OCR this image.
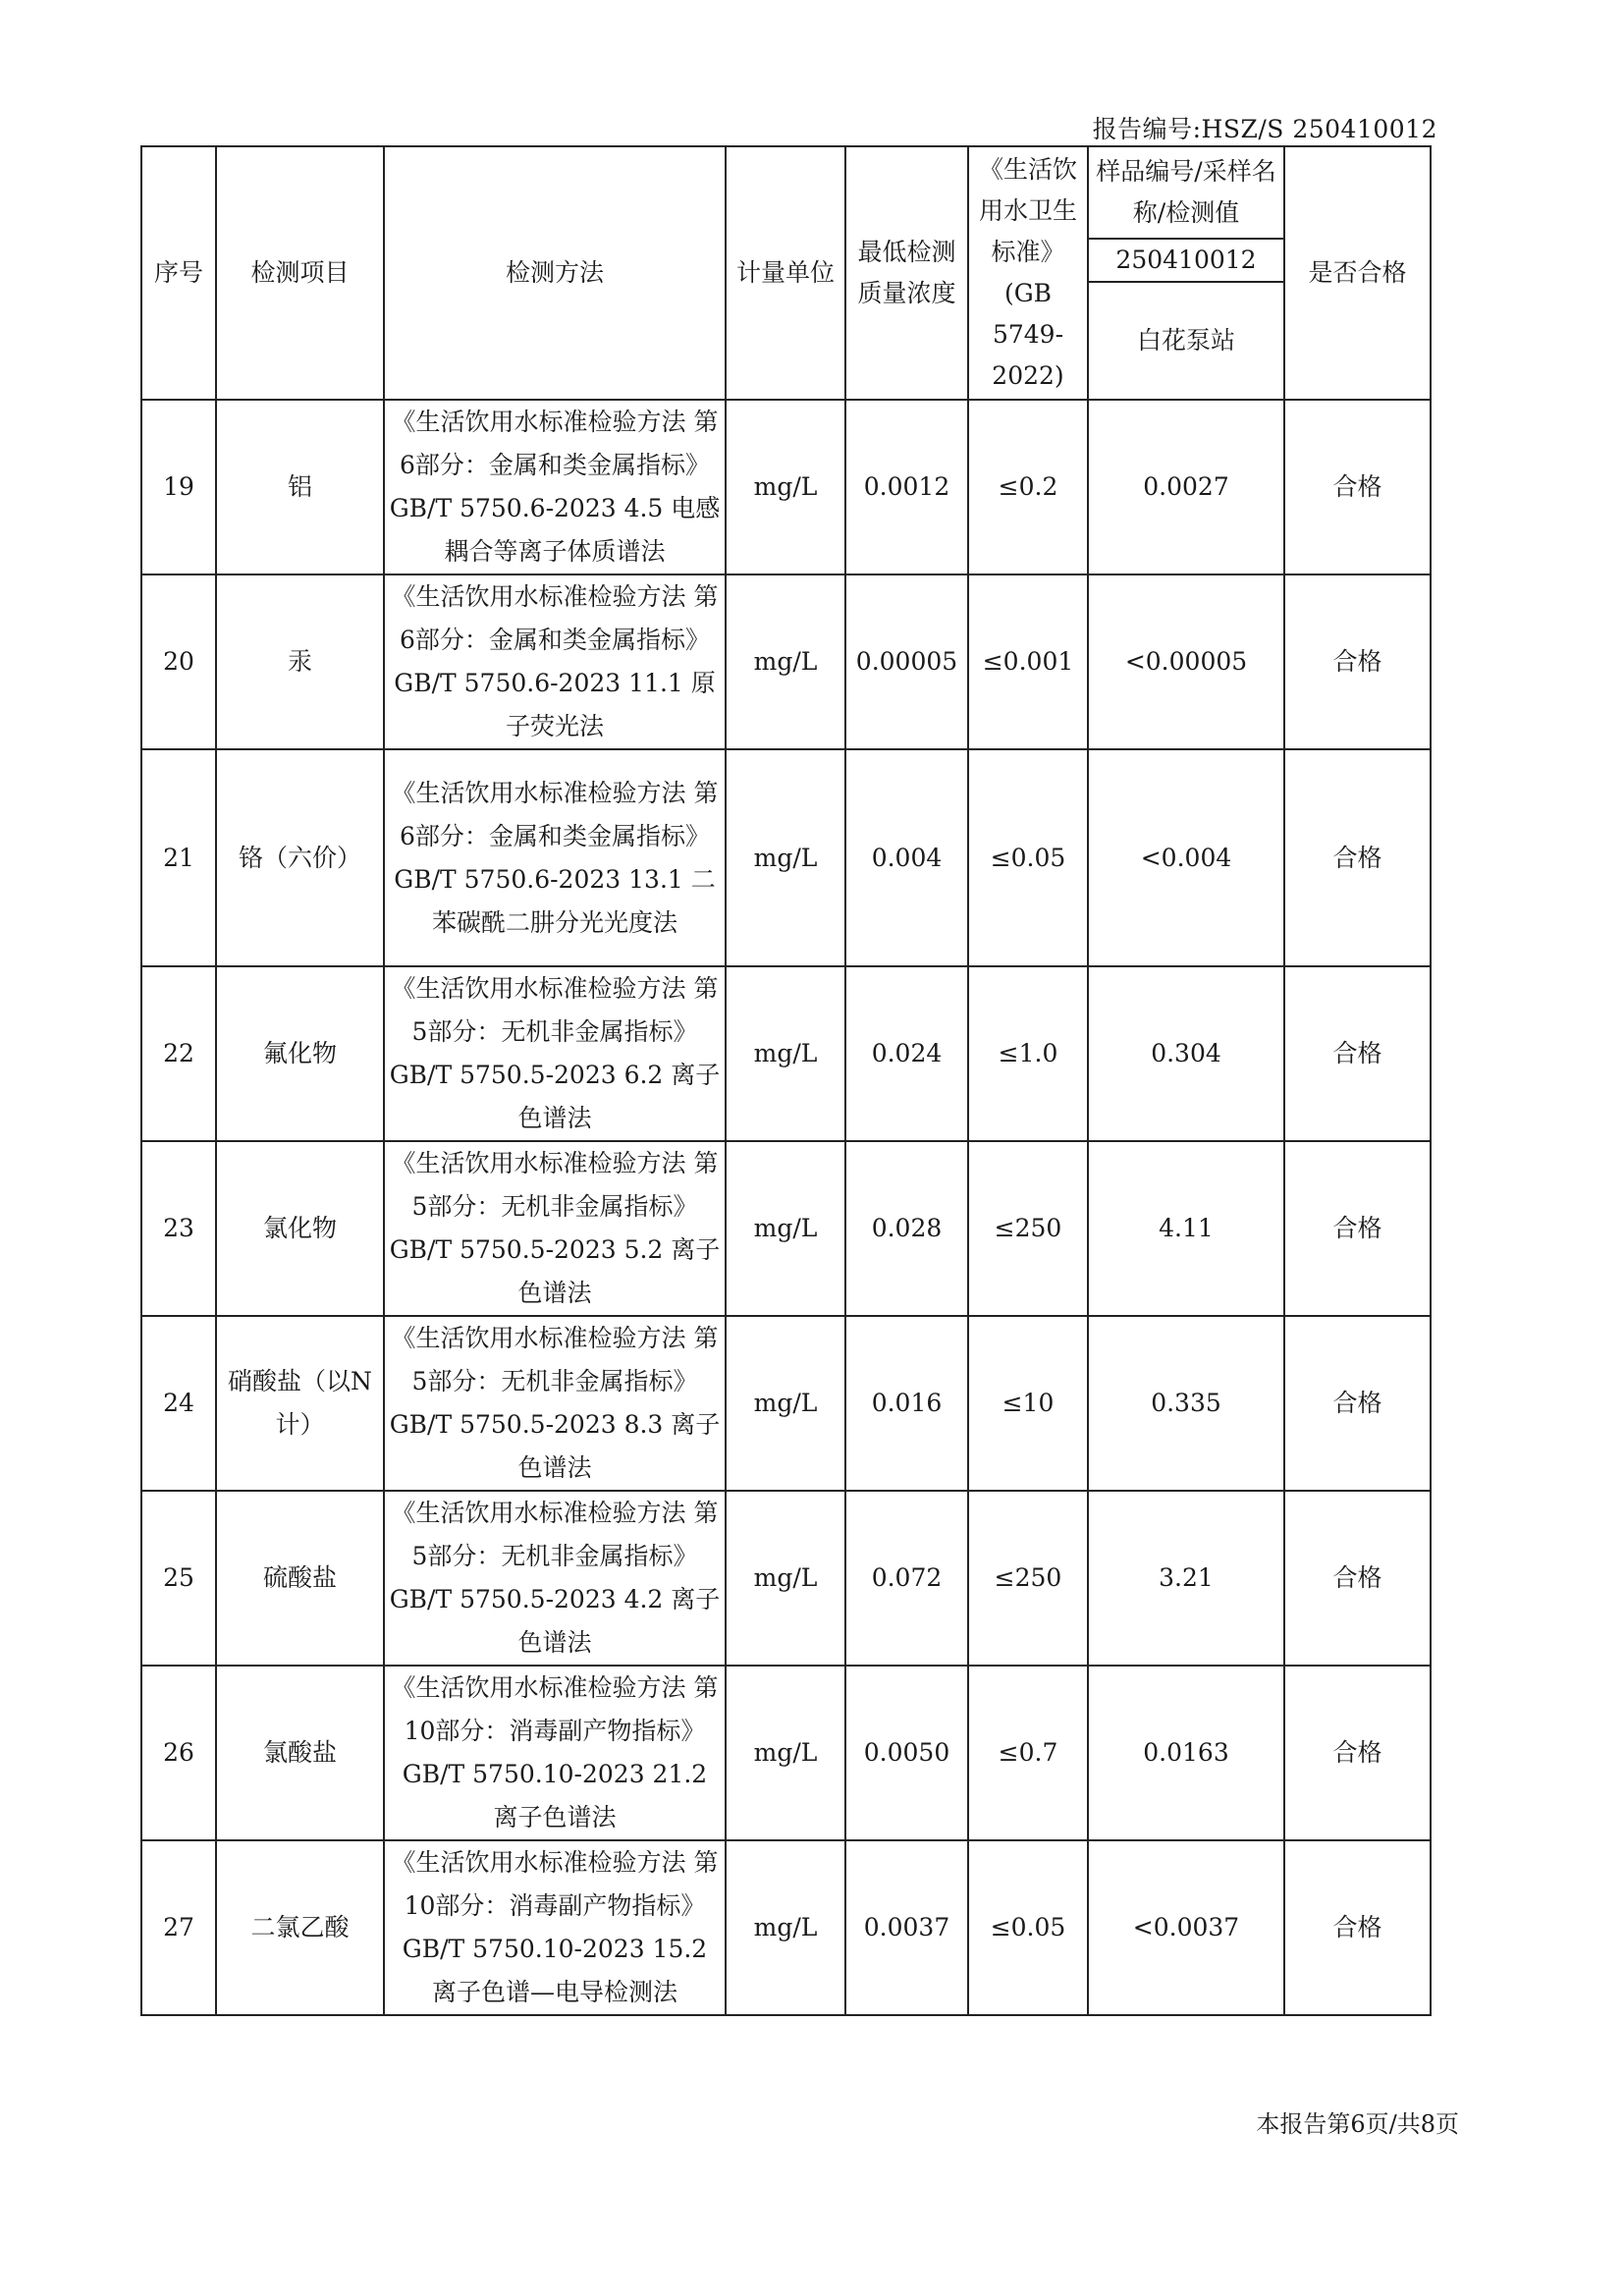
报告编号:HSZ/S 250410012
序号	检测项目	检测方法	计量单位	最低检测质量浓度	《生活饮用水卫生标准》(GB 5749-2022)	样品编号/采样名称/检测值	是否合格
						250410012	
						白花泵站	
19	铝	《生活饮用水标准检验方法 第6部分：金属和类金属指标》GB/T 5750.6-2023 4.5 电感耦合等离子体质谱法	mg/L	0.0012	≤0.2	0.0027	合格
20	汞	《生活饮用水标准检验方法 第6部分：金属和类金属指标》GB/T 5750.6-2023 11.1 原子荧光法	mg/L	0.00005	≤0.001	<0.00005	合格
21	铬（六价）	《生活饮用水标准检验方法 第6部分：金属和类金属指标》GB/T 5750.6-2023 13.1 二苯碳酰二肼分光光度法	mg/L	0.004	≤0.05	<0.004	合格
22	氟化物	《生活饮用水标准检验方法 第5部分：无机非金属指标》GB/T 5750.5-2023 6.2 离子色谱法	mg/L	0.024	≤1.0	0.304	合格
23	氯化物	《生活饮用水标准检验方法 第5部分：无机非金属指标》GB/T 5750.5-2023 5.2 离子色谱法	mg/L	0.028	≤250	4.11	合格
24	硝酸盐（以N计）	《生活饮用水标准检验方法 第5部分：无机非金属指标》GB/T 5750.5-2023 8.3 离子色谱法	mg/L	0.016	≤10	0.335	合格
25	硫酸盐	《生活饮用水标准检验方法 第5部分：无机非金属指标》GB/T 5750.5-2023 4.2 离子色谱法	mg/L	0.072	≤250	3.21	合格
26	氯酸盐	《生活饮用水标准检验方法 第10部分：消毒副产物指标》GB/T 5750.10-2023 21.2 离子色谱法	mg/L	0.0050	≤0.7	0.0163	合格
27	二氯乙酸	《生活饮用水标准检验方法 第10部分：消毒副产物指标》GB/T 5750.10-2023 15.2 离子色谱—电导检测法	mg/L	0.0037	≤0.05	<0.0037	合格
本报告第6页/共8页
